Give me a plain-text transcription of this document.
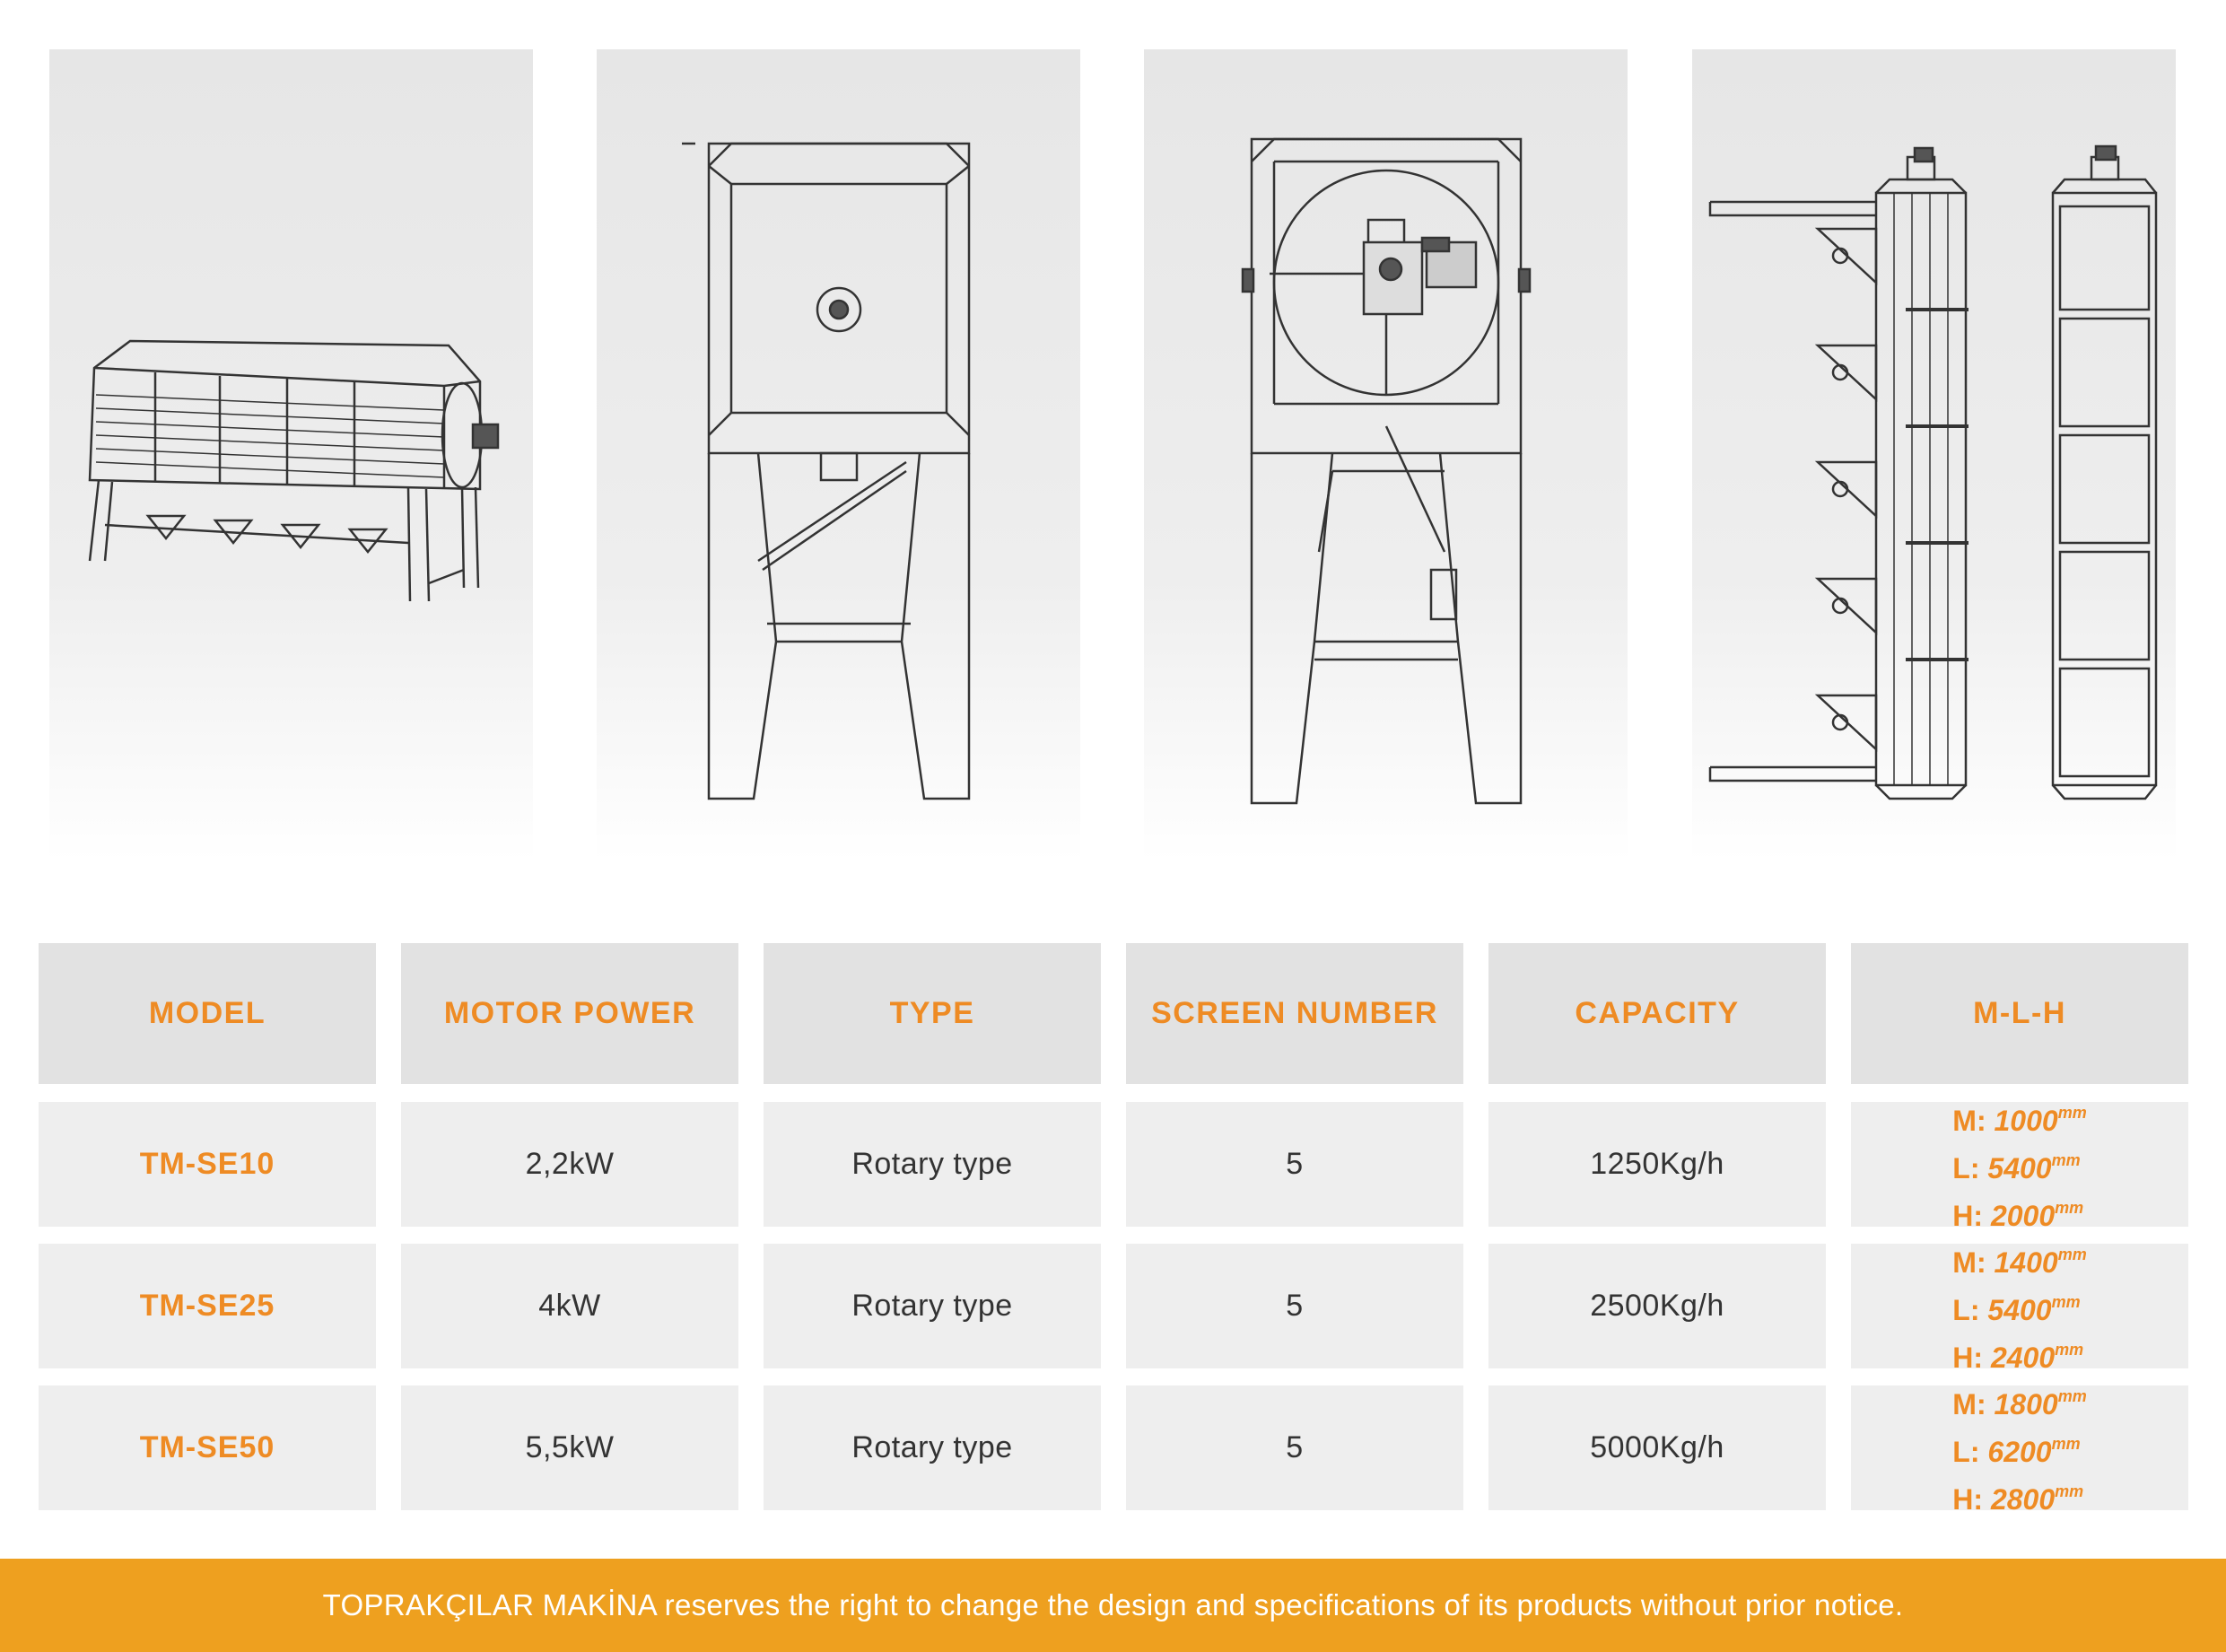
MODEL	MOTOR POWER	TYPE	SCREEN NUMBER	CAPACITY	M-L-H
TM-SE10	2,2kW	Rotary type	5	1250Kg/h
M: $1000^{mm}$
L: $5400^{mm}$
H: $2000^{mm}$
TM-SE25	4kW	Rotary type	5	2500Kg/h
M: $1400^{mm}$
L: $5400^{mm}$
H: $2400^{mm}$
TM-SE50	5,5kW	Rotary type	5	5000Kg/h
M: $1800^{mm}$
L: $6200^{mm}$
H: $2800^{mm}$
TOPRAKÇILAR MAKİNA reserves the right to change the design and specifications of its products without prior notice.
